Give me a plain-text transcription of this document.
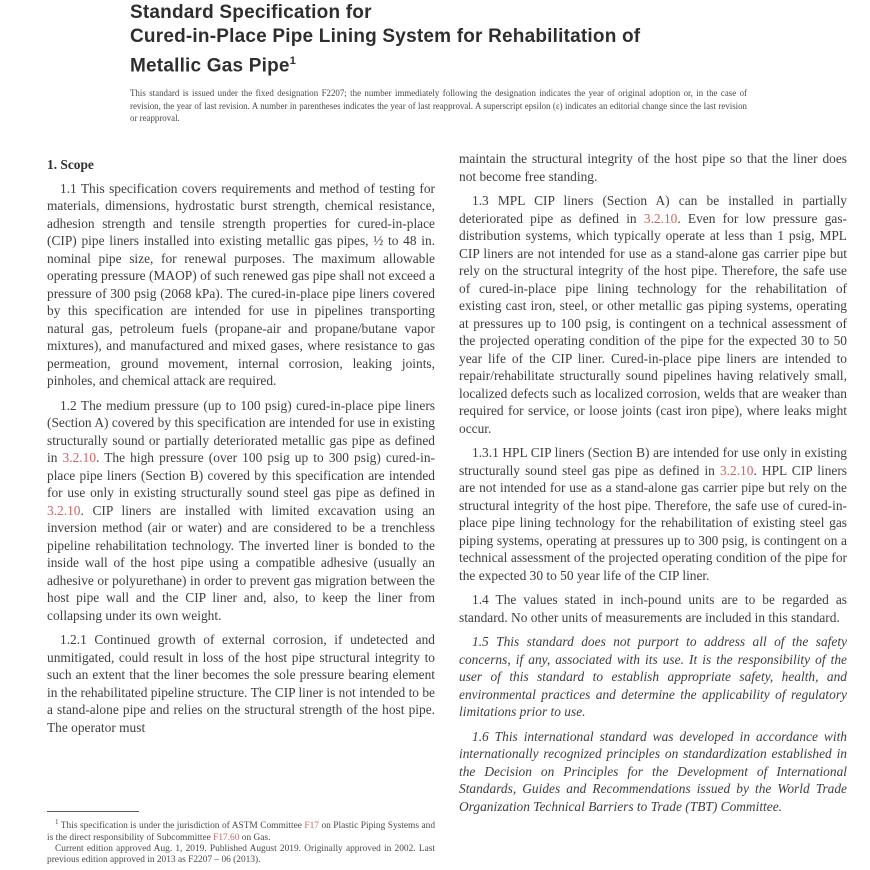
Standard Specification for
Cured-in-Place Pipe Lining System for Rehabilitation of
Metallic Gas Pipe$^1$

This standard is issued under the fixed designation F2207; the number immediately following the designation indicates the year of original adoption or, in the case of revision, the year of last revision. A number in parentheses indicates the year of last reapproval. A superscript epsilon (ε) indicates an editorial change since the last revision or reapproval.

1. Scope

1.1 This specification covers requirements and method of testing for materials, dimensions, hydrostatic burst strength, chemical resistance, adhesion strength and tensile strength properties for cured-in-place (CIP) pipe liners installed into existing metallic gas pipes, ½ to 48 in. nominal pipe size, for renewal purposes. The maximum allowable operating pressure (MAOP) of such renewed gas pipe shall not exceed a pressure of 300 psig (2068 kPa). The cured-in-place pipe liners covered by this specification are intended for use in pipelines transporting natural gas, petroleum fuels (propane-air and propane/butane vapor mixtures), and manufactured and mixed gases, where resistance to gas permeation, ground movement, internal corrosion, leaking joints, pinholes, and chemical attack are required.

1.2 The medium pressure (up to 100 psig) cured-in-place pipe liners (Section A) covered by this specification are intended for use in existing structurally sound or partially deteriorated metallic gas pipe as defined in 3.2.10. The high pressure (over 100 psig up to 300 psig) cured-in-place pipe liners (Section B) covered by this specification are intended for use only in existing structurally sound steel gas pipe as defined in 3.2.10. CIP liners are installed with limited excavation using an inversion method (air or water) and are considered to be a trenchless pipeline rehabilitation technology. The inverted liner is bonded to the inside wall of the host pipe using a compatible adhesive (usually an adhesive or polyurethane) in order to prevent gas migration between the host pipe wall and the CIP liner and, also, to keep the liner from collapsing under its own weight.

1.2.1 Continued growth of external corrosion, if undetected and unmitigated, could result in loss of the host pipe structural integrity to such an extent that the liner becomes the sole pressure bearing element in the rehabilitated pipeline structure. The CIP liner is not intended to be a stand-alone pipe and relies on the structural strength of the host pipe. The operator must

maintain the structural integrity of the host pipe so that the liner does not become free standing.

1.3 MPL CIP liners (Section A) can be installed in partially deteriorated pipe as defined in 3.2.10. Even for low pressure gas-distribution systems, which typically operate at less than 1 psig, MPL CIP liners are not intended for use as a stand-alone gas carrier pipe but rely on the structural integrity of the host pipe. Therefore, the safe use of cured-in-place pipe lining technology for the rehabilitation of existing cast iron, steel, or other metallic gas piping systems, operating at pressures up to 100 psig, is contingent on a technical assessment of the projected operating condition of the pipe for the expected 30 to 50 year life of the CIP liner. Cured-in-place pipe liners are intended to repair/rehabilitate structurally sound pipelines having relatively small, localized defects such as localized corrosion, welds that are weaker than required for service, or loose joints (cast iron pipe), where leaks might occur.

1.3.1 HPL CIP liners (Section B) are intended for use only in existing structurally sound steel gas pipe as defined in 3.2.10. HPL CIP liners are not intended for use as a stand-alone gas carrier pipe but rely on the structural integrity of the host pipe. Therefore, the safe use of cured-in-place pipe lining technology for the rehabilitation of existing steel gas piping systems, operating at pressures up to 300 psig, is contingent on a technical assessment of the projected operating condition of the pipe for the expected 30 to 50 year life of the CIP liner.

1.4 The values stated in inch-pound units are to be regarded as standard. No other units of measurements are included in this standard.

1.5 This standard does not purport to address all of the safety concerns, if any, associated with its use. It is the responsibility of the user of this standard to establish appropriate safety, health, and environmental practices and determine the applicability of regulatory limitations prior to use.

1.6 This international standard was developed in accordance with internationally recognized principles on standardization established in the Decision on Principles for the Development of International Standards, Guides and Recommendations issued by the World Trade Organization Technical Barriers to Trade (TBT) Committee.

$^1$ This specification is under the jurisdiction of ASTM Committee F17 on Plastic Piping Systems and is the direct responsibility of Subcommittee F17.60 on Gas.

Current edition approved Aug. 1, 2019. Published August 2019. Originally approved in 2002. Last previous edition approved in 2013 as F2207 – 06 (2013).
